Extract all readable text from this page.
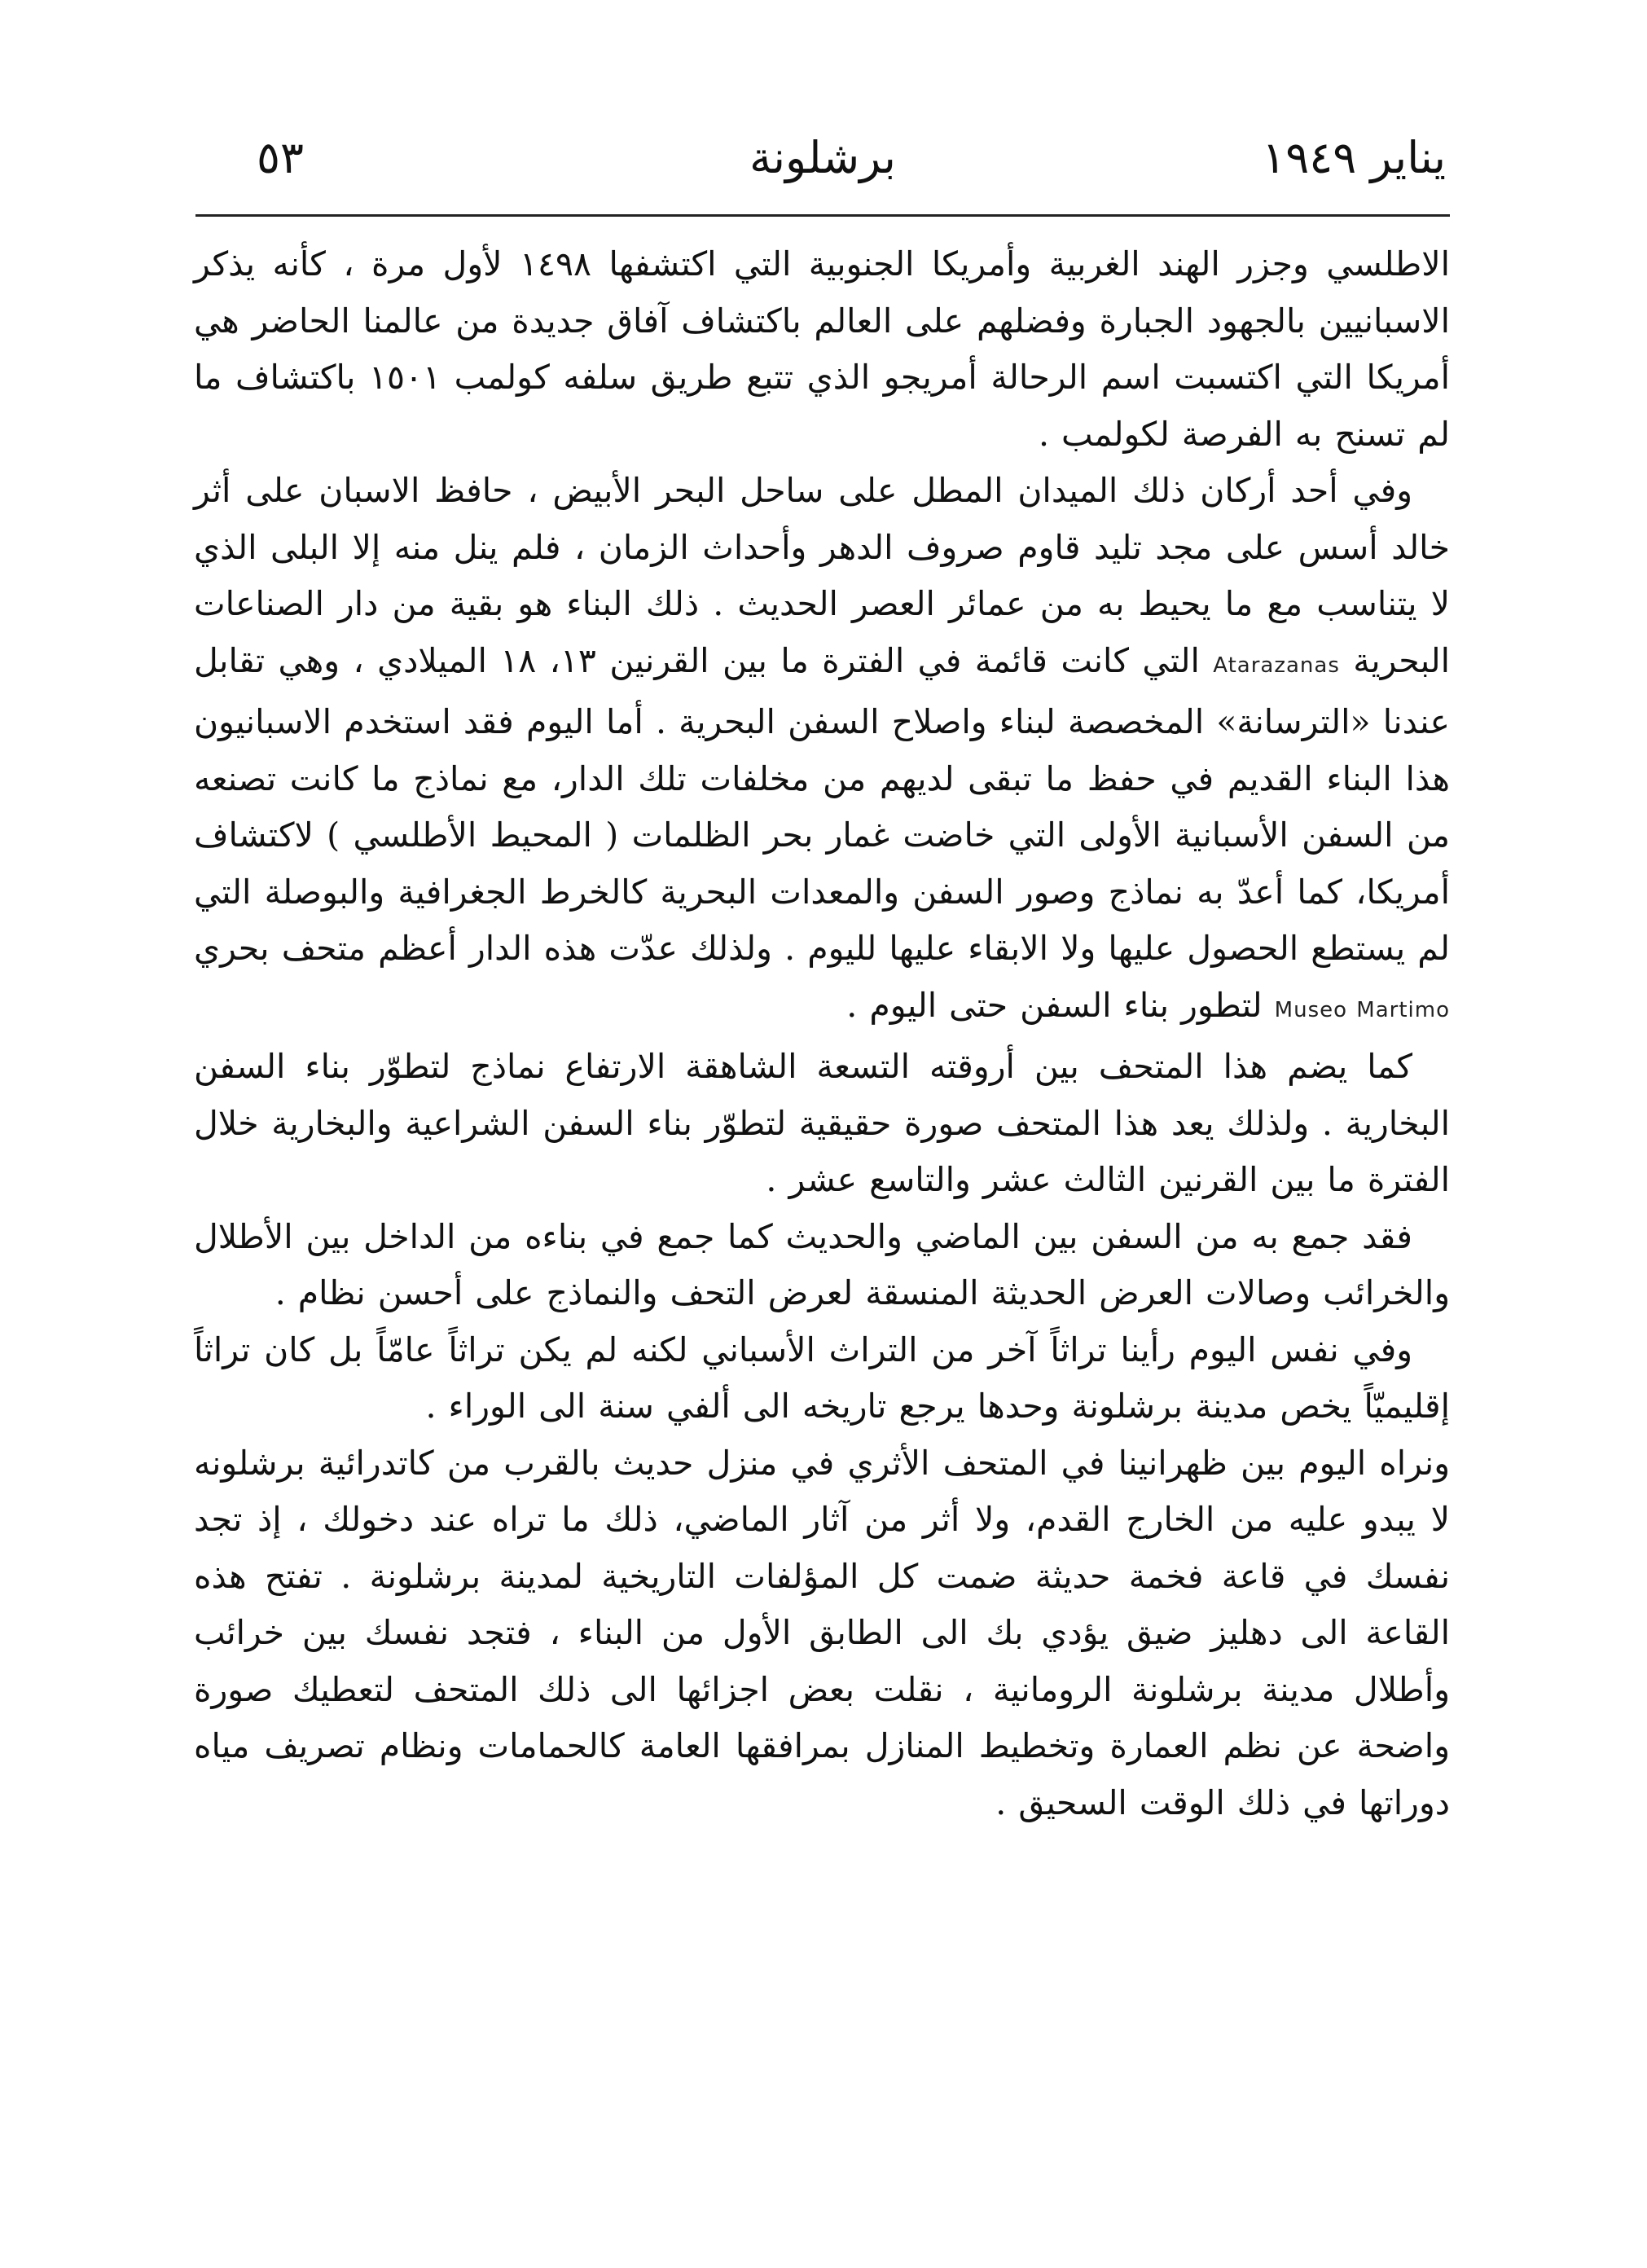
يناير ١٩٤٩
برشلونة
٥٣

الاطلسي وجزر الهند الغربية وأمريكا الجنوبية التي اكتشفها ١٤٩٨ لأول مرة ، كأنه يذكر الاسبانيين بالجهود الجبارة وفضلهم على العالم باكتشاف آفاق جديدة من عالمنا الحاضر هي أمريكا التي اكتسبت اسم الرحالة أمريجو الذي تتبع طريق سلفه كولمب ١٥٠١ باكتشاف ما لم تسنح به الفرصة لكولمب .

وفي أحد أركان ذلك الميدان المطل على ساحل البحر الأبيض ، حافظ الاسبان على أثر خالد أسس على مجد تليد قاوم صروف الدهر وأحداث الزمان ، فلم ينل منه إلا البلى الذي لا يتناسب مع ما يحيط به من عمائر العصر الحديث . ذلك البناء هو بقية من دار الصناعات البحرية Atarazanas التي كانت قائمة في الفترة ما بين القرنين ١٣، ١٨ الميلادي ، وهي تقابل عندنا «الترسانة» المخصصة لبناء واصلاح السفن البحرية . أما اليوم فقد استخدم الاسبانيون هذا البناء القديم في حفظ ما تبقى لديهم من مخلفات تلك الدار، مع نماذج ما كانت تصنعه من السفن الأسبانية الأولى التي خاضت غمار بحر الظلمات ( المحيط الأطلسي ) لاكتشاف أمريكا، كما أعدّ به نماذج وصور السفن والمعدات البحرية كالخرط الجغرافية والبوصلة التي لم يستطع الحصول عليها ولا الابقاء عليها لليوم . ولذلك عدّت هذه الدار أعظم متحف بحري Museo Martimo لتطور بناء السفن حتى اليوم .

كما يضم هذا المتحف بين أروقته التسعة الشاهقة الارتفاع نماذج لتطوّر بناء السفن البخارية . ولذلك يعد هذا المتحف صورة حقيقية لتطوّر بناء السفن الشراعية والبخارية خلال الفترة ما بين القرنين الثالث عشر والتاسع عشر .

فقد جمع به من السفن بين الماضي والحديث كما جمع في بناءه من الداخل بين الأطلال والخرائب وصالات العرض الحديثة المنسقة لعرض التحف والنماذج على أحسن نظام .

وفي نفس اليوم رأينا تراثاً آخر من التراث الأسباني لكنه لم يكن تراثاً عامّاً بل كان تراثاً إقليميّاً يخص مدينة برشلونة وحدها يرجع تاريخه الى ألفي سنة الى الوراء .

ونراه اليوم بين ظهرانينا في المتحف الأثري في منزل حديث بالقرب من كاتدرائية برشلونه لا يبدو عليه من الخارج القدم، ولا أثر من آثار الماضي، ذلك ما تراه عند دخولك ، إذ تجد نفسك في قاعة فخمة حديثة ضمت كل المؤلفات التاريخية لمدينة برشلونة . تفتح هذه القاعة الى دهليز ضيق يؤدي بك الى الطابق الأول من البناء ، فتجد نفسك بين خرائب وأطلال مدينة برشلونة الرومانية ، نقلت بعض اجزائها الى ذلك المتحف لتعطيك صورة واضحة عن نظم العمارة وتخطيط المنازل بمرافقها العامة كالحمامات ونظام تصريف مياه دوراتها في ذلك الوقت السحيق .
